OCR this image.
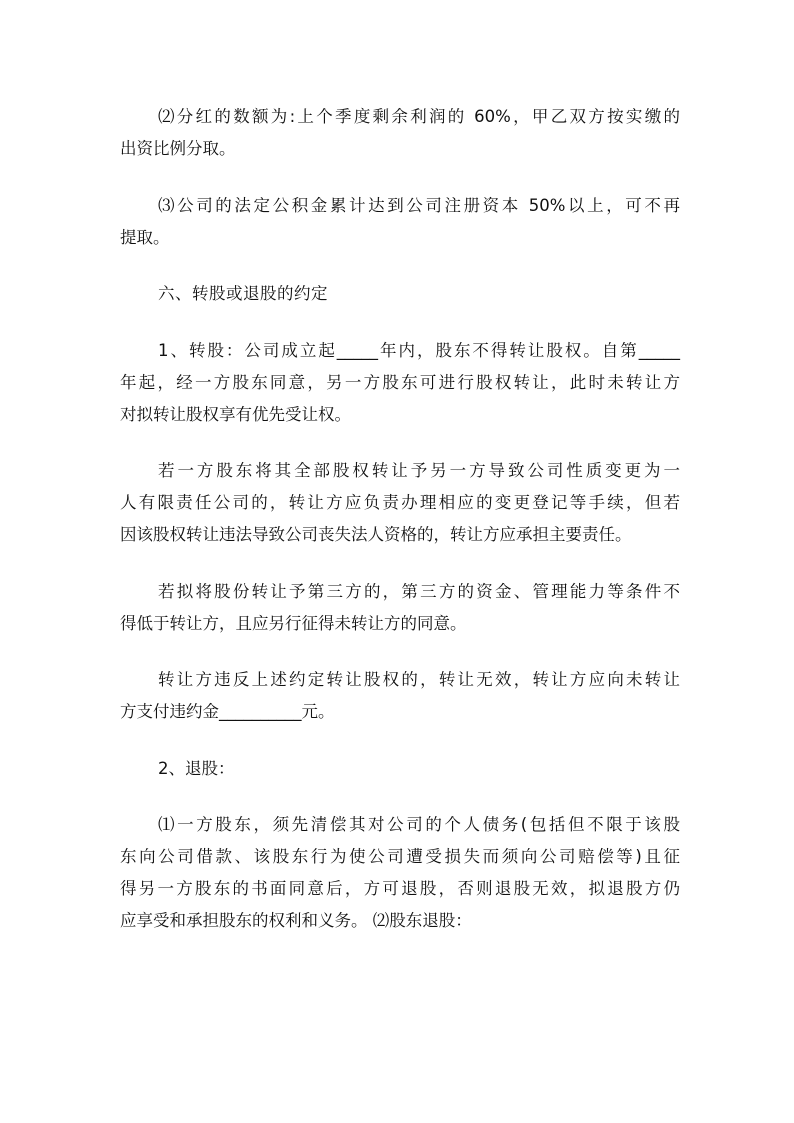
⑵分红的数额为:上个季度剩余利润的 60%，甲乙双方按实缴的
出资比例分取。
⑶公司的法定公积金累计达到公司注册资本 50%以上，可不再
提取。
六、转股或退股的约定
1、转股：公司成立起_____年内，股东不得转让股权。自第_____
年起，经一方股东同意，另一方股东可进行股权转让，此时未转让方
对拟转让股权享有优先受让权。
若一方股东将其全部股权转让予另一方导致公司性质变更为一
人有限责任公司的，转让方应负责办理相应的变更登记等手续，但若
因该股权转让违法导致公司丧失法人资格的，转让方应承担主要责任。
若拟将股份转让予第三方的，第三方的资金、管理能力等条件不
得低于转让方，且应另行征得未转让方的同意。
转让方违反上述约定转让股权的，转让无效，转让方应向未转让
方支付违约金__________元。
2、退股：
⑴一方股东，须先清偿其对公司的个人债务(包括但不限于该股
东向公司借款、该股东行为使公司遭受损失而须向公司赔偿等)且征
得另一方股东的书面同意后，方可退股，否则退股无效，拟退股方仍
应享受和承担股东的权利和义务。 ⑵股东退股：
